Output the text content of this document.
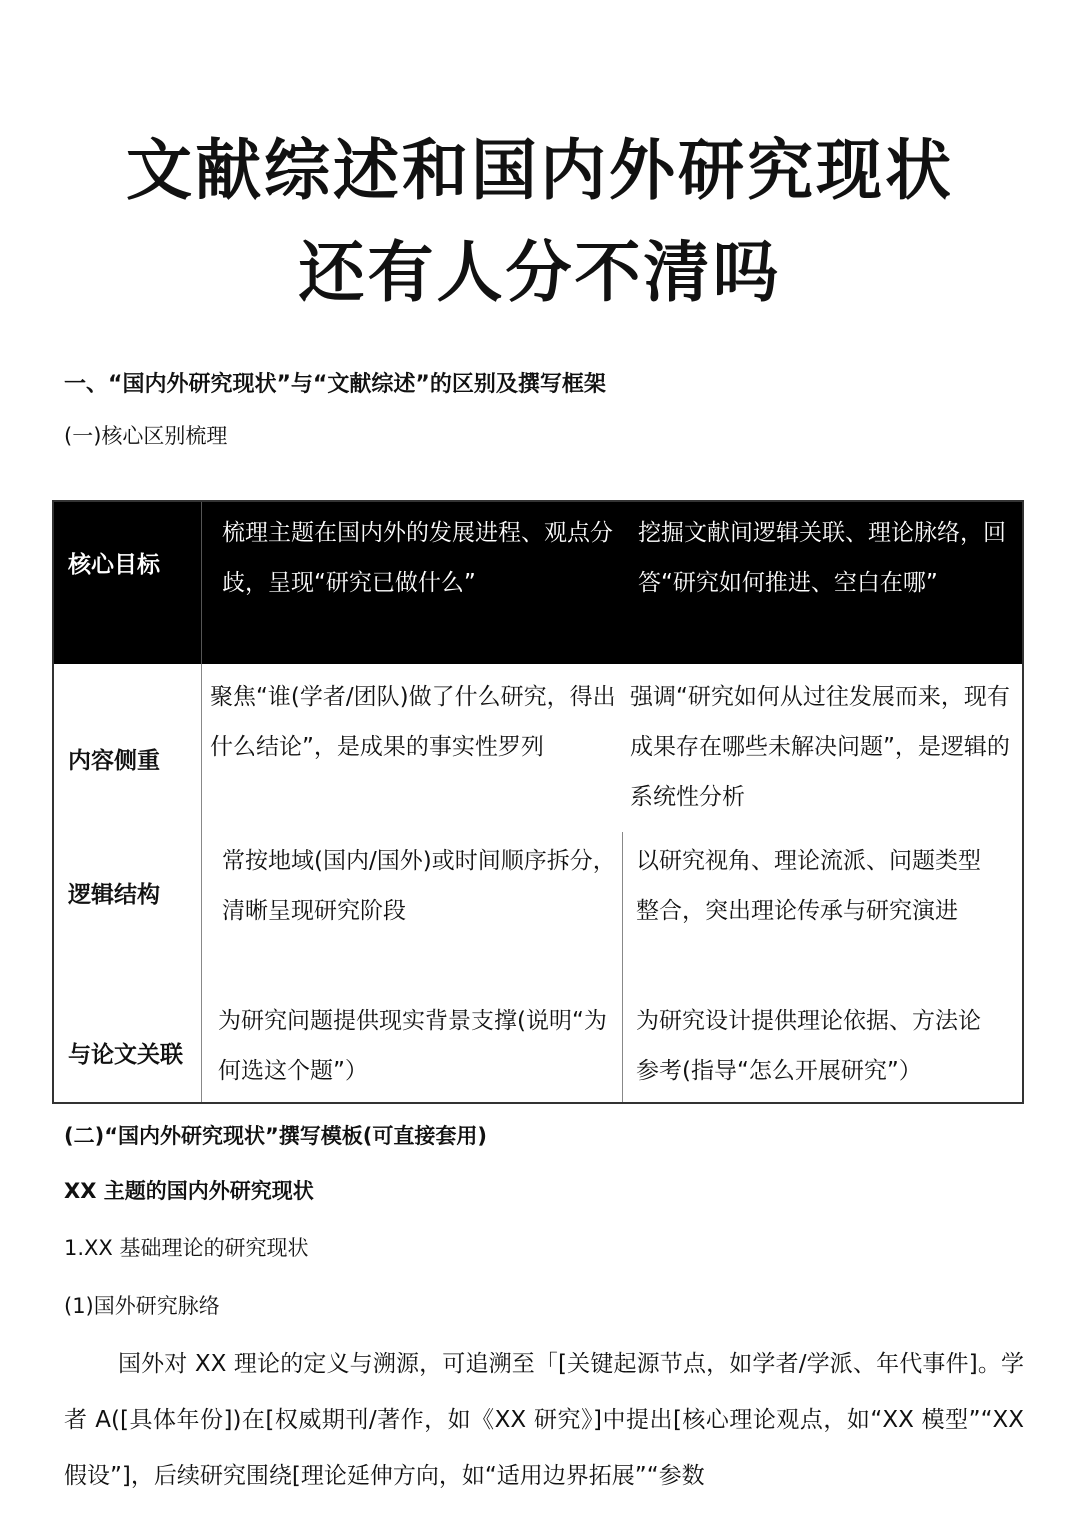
文献综述和国内外研究现状
还有人分不清吗
一、“国内外研究现状”与“文献综述”的区别及撰写框架
(一)核心区别梳理
核心目标
梳理主题在国内外的发展进程、观点分歧，呈现“研究已做什么”
挖掘文献间逻辑关联、理论脉络，回答“研究如何推进、空白在哪”
内容侧重
聚焦“谁(学者/团队)做了什么研究，得出什么结论”，是成果的事实性罗列
强调“研究如何从过往发展而来，现有成果存在哪些未解决问题”，是逻辑的系统性分析
逻辑结构
常按地域(国内/国外)或时间顺序拆分，清晰呈现研究阶段
以研究视角、理论流派、问题类型 整合，突出理论传承与研究演进
与论文关联
为研究问题提供现实背景支撑(说明“为何选这个题”）
为研究设计提供理论依据、方法论 参考(指导“怎么开展研究”）
(二)“国内外研究现状”撰写模板(可直接套用)
XX 主题的国内外研究现状
1.XX 基础理论的研究现状
(1)国外研究脉络
国外对 XX 理论的定义与溯源，可追溯至「[关键起源节点，如学者/学派、年代事件]。学者 A([具体年份])在[权威期刊/著作，如《XX 研究》]中提出[核心理论观点，如“XX 模型”“XX 假设”]，后续研究围绕[理论延伸方向，如“适用边界拓展”“参数
